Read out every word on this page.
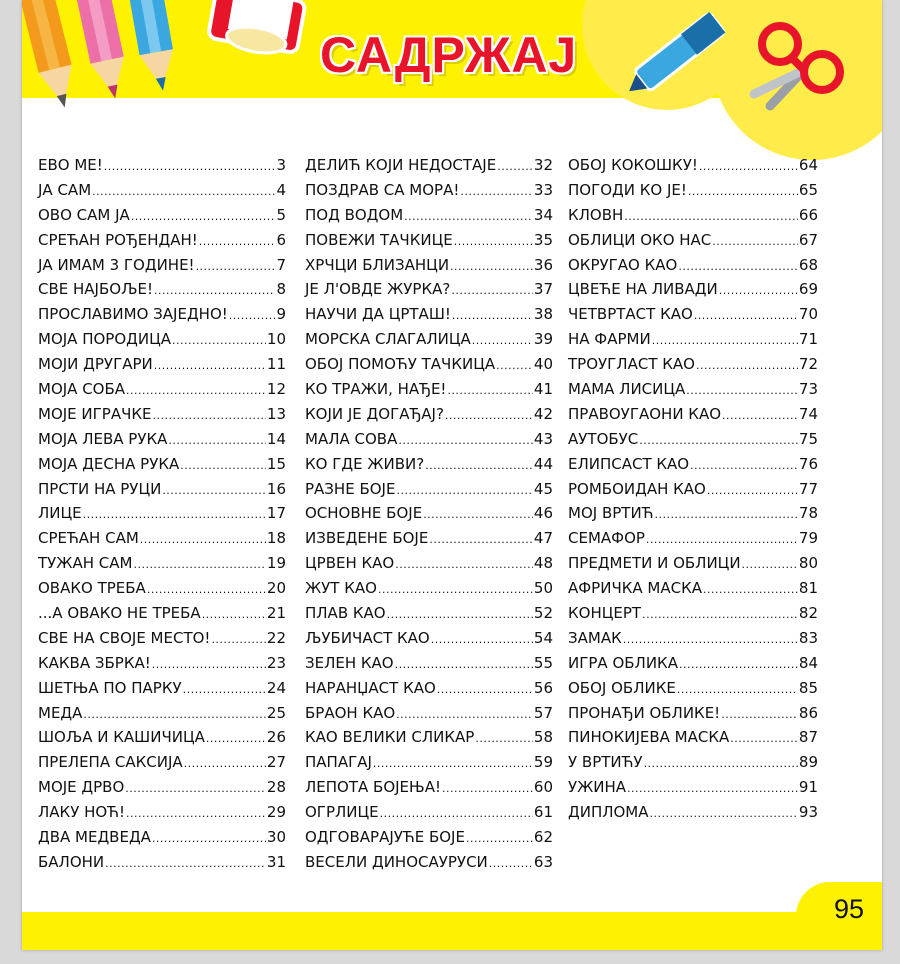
САДРЖАЈ
ЕВО МЕ! .....	3
ЈА САМ .....	4
ОВО САМ ЈА .....	5
СРЕЋАН РОЂЕНДАН! .....	6
ЈА ИМАМ 3 ГОДИНЕ! .....	7
СВЕ НАЈБОЉЕ! .....	8
ПРОСЛАВИМО ЗАЈЕДНО! .....	9
МОЈА ПОРОДИЦА .....	10
МОЈИ ДРУГАРИ .....	11
МОЈА СОБА .....	12
МОЈЕ ИГРАЧКЕ .....	13
МОЈА ЛЕВА РУКА .....	14
МОЈА ДЕСНА РУКА .....	15
ПРСТИ НА РУЦИ .....	16
ЛИЦЕ .....	17
СРЕЋАН САМ .....	18
ТУЖАН САМ .....	19
ОВАКО ТРЕБА .....	20
...А ОВАКО НЕ ТРЕБА .....	21
СВЕ НА СВОЈЕ МЕСТО! .....	22
КАКВА ЗБРКА! .....	23
ШЕТЊА ПО ПАРКУ .....	24
МЕДА .....	25
ШОЉА И КАШИЧИЦА .....	26
ПРЕЛЕПА САКСИЈА .....	27
МОЈЕ ДРВО .....	28
ЛАКУ НОЋ! .....	29
ДВА МЕДВЕДА .....	30
БАЛОНИ .....	31
ДЕЛИЋ КОЈИ НЕДОСТАЈЕ .....	32
ПОЗДРАВ СА МОРА! .....	33
ПОД ВОДОМ .....	34
ПОВЕЖИ ТАЧКИЦЕ .....	35
ХРЧЦИ БЛИЗАНЦИ .....	36
ЈЕ Л'ОВДЕ ЖУРКА? .....	37
НАУЧИ ДА ЦРТАШ! .....	38
МОРСКА СЛАГАЛИЦА .....	39
ОБОЈ ПОМОЋУ ТАЧКИЦА .....	40
КО ТРАЖИ, НАЂЕ! .....	41
КОЈИ ЈЕ ДОГАЂАЈ? .....	42
МАЛА СОВА .....	43
КО ГДЕ ЖИВИ? .....	44
РАЗНЕ БОЈЕ .....	45
ОСНОВНЕ БОЈЕ .....	46
ИЗВЕДЕНЕ БОЈЕ .....	47
ЦРВЕН КАО .....	48
ЖУТ КАО .....	50
ПЛАВ КАО .....	52
ЉУБИЧАСТ КАО .....	54
ЗЕЛЕН КАО .....	55
НАРАНЏАСТ КАО .....	56
БРАОН КАО .....	57
КАО ВЕЛИКИ СЛИКАР .....	58
ПАПАГАЈ .....	59
ЛЕПОТА БОЈЕЊА! .....	60
ОГРЛИЦЕ .....	61
ОДГОВАРАЈУЋЕ БОЈЕ .....	62
ВЕСЕЛИ ДИНОСАУРУСИ .....	63
ОБОЈ КОКОШКУ! .....	64
ПОГОДИ КО ЈЕ! .....	65
КЛОВН .....	66
ОБЛИЦИ ОКО НАС .....	67
ОКРУГАО КАО .....	68
ЦВЕЋЕ НА ЛИВАДИ .....	69
ЧЕТВРТАСТ КАО .....	70
НА ФАРМИ .....	71
ТРОУГЛАСТ КАО .....	72
МАМА ЛИСИЦА .....	73
ПРАВОУГАОНИ КАО .....	74
АУТОБУС .....	75
ЕЛИПСАСТ КАО .....	76
РОМБОИДАН КАО .....	77
МОЈ ВРТИЋ .....	78
СЕМАФОР .....	79
ПРЕДМЕТИ И ОБЛИЦИ .....	80
АФРИЧКА МАСКА .....	81
КОНЦЕРТ .....	82
ЗАМАК .....	83
ИГРА ОБЛИКА .....	84
ОБОЈ ОБЛИКЕ .....	85
ПРОНАЂИ ОБЛИКЕ! .....	86
ПИНОКИЈЕВА МАСКА .....	87
У ВРТИЋУ .....	89
УЖИНА .....	91
ДИПЛОМА .....	93
95
